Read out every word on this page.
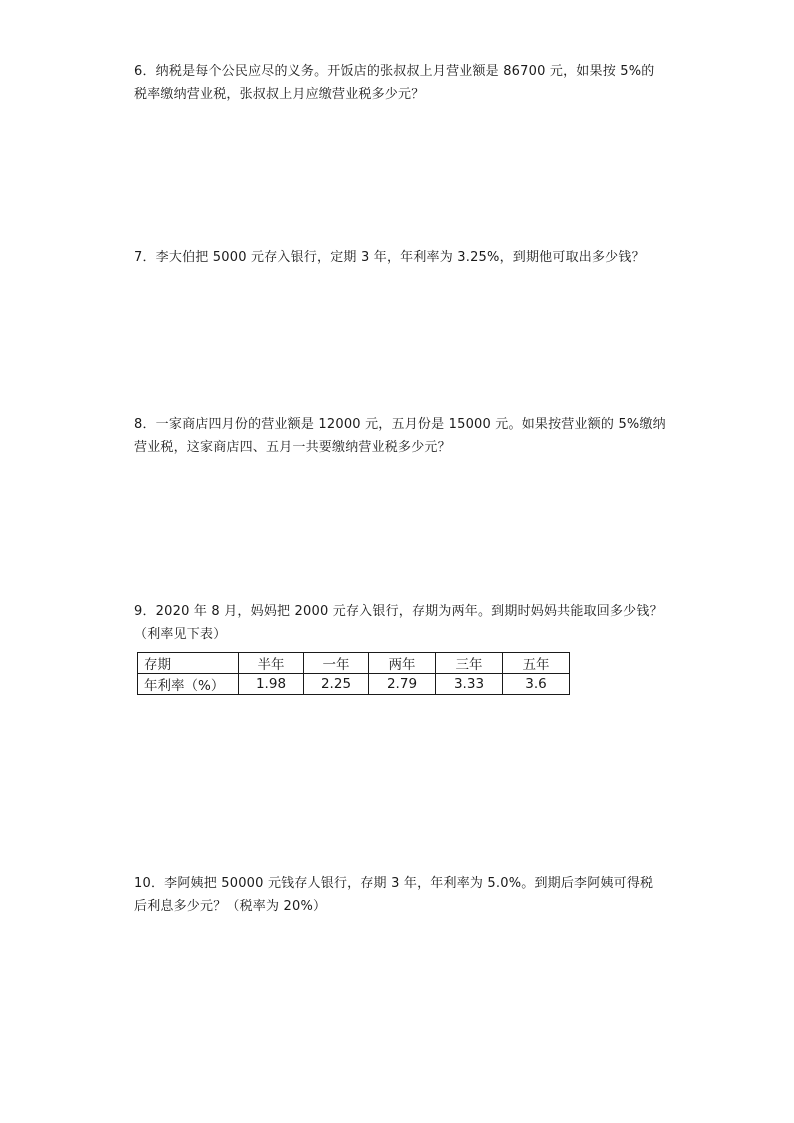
6．纳税是每个公民应尽的义务。开饭店的张叔叔上月营业额是 86700 元，如果按 5%的

税率缴纳营业税，张叔叔上月应缴营业税多少元？

7．李大伯把 5000 元存入银行，定期 3 年，年利率为 3.25%，到期他可取出多少钱？

8．一家商店四月份的营业额是 12000 元，五月份是 15000 元。如果按营业额的 5%缴纳

营业税，这家商店四、五月一共要缴纳营业税多少元？

9．2020 年 8 月，妈妈把 2000 元存入银行，存期为两年。到期时妈妈共能取回多少钱？

（利率见下表）

存期	半年	一年	两年	三年	五年
年利率（%）	1.98	2.25	2.79	3.33	3.6

10．李阿姨把 50000 元钱存人银行，存期 3 年，年利率为 5.0%。到期后李阿姨可得税

后利息多少元？（税率为 20%）
